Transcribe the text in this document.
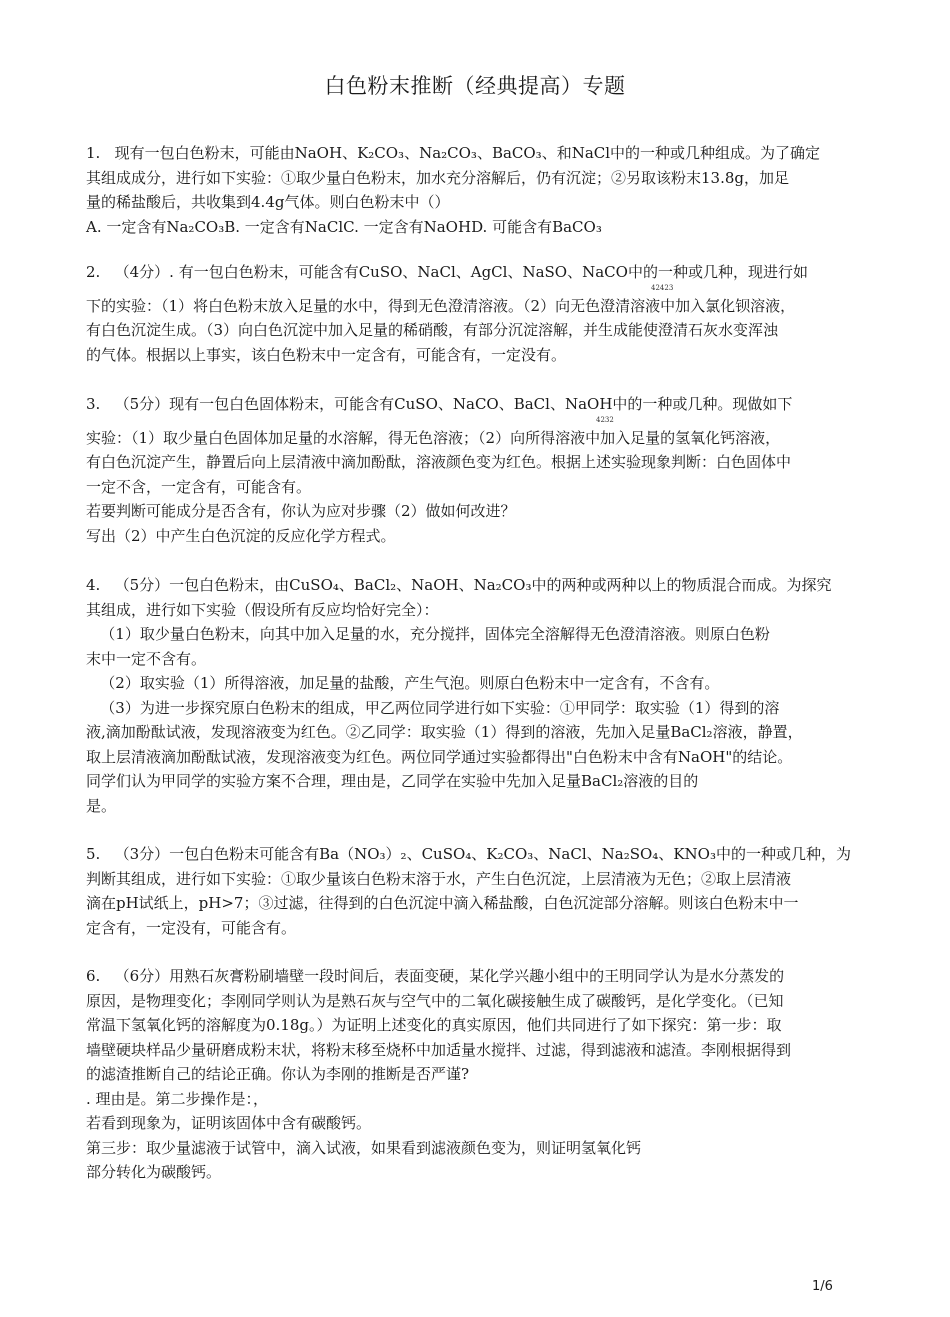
白色粉末推断（经典提高）专题
1.   现有一包白色粉末，可能由NaOH、K₂CO₃、Na₂CO₃、BaCO₃、和NaCl中的一种或几种组成。为了确定
其组成成分，进行如下实验：①取少量白色粉末，加水充分溶解后，仍有沉淀；②另取该粉末13.8g，加足
量的稀盐酸后，共收集到4.4g气体。则白色粉末中（）
A. 一定含有Na₂CO₃B. 一定含有NaClC. 一定含有NaOHD. 可能含有BaCO₃
2.   （4分）. 有一包白色粉末，可能含有CuSO、NaCl、AgCl、NaSO、NaCO中的一种或几种，现进行如
42423
下的实验：（1）将白色粉末放入足量的水中，得到无色澄清溶液。（2）向无色澄清溶液中加入氯化钡溶液，
有白色沉淀生成。（3）向白色沉淀中加入足量的稀硝酸，有部分沉淀溶解，并生成能使澄清石灰水变浑浊
的气体。根据以上事实，该白色粉末中一定含有，可能含有，一定没有。
3.   （5分）现有一包白色固体粉末，可能含有CuSO、NaCO、BaCl、NaOH中的一种或几种。现做如下
4232
实验：（1）取少量白色固体加足量的水溶解，得无色溶液；（2）向所得溶液中加入足量的氢氧化钙溶液，
有白色沉淀产生，静置后向上层清液中滴加酚酞，溶液颜色变为红色。根据上述实验现象判断：白色固体中
一定不含，一定含有，可能含有。
若要判断可能成分是否含有，你认为应对步骤（2）做如何改进？
写出（2）中产生白色沉淀的反应化学方程式。
4.   （5分）一包白色粉末，由CuSO₄、BaCl₂、NaOH、Na₂CO₃中的两种或两种以上的物质混合而成。为探究
其组成，进行如下实验（假设所有反应均恰好完全）：
（1）取少量白色粉末，向其中加入足量的水，充分搅拌，固体完全溶解得无色澄清溶液。则原白色粉
末中一定不含有。
（2）取实验（1）所得溶液，加足量的盐酸，产生气泡。则原白色粉末中一定含有，不含有。
（3）为进一步探究原白色粉末的组成，甲乙两位同学进行如下实验：①甲同学：取实验（1）得到的溶
液,滴加酚酞试液，发现溶液变为红色。②乙同学：取实验（1）得到的溶液，先加入足量BaCl₂溶液，静置，
取上层清液滴加酚酞试液，发现溶液变为红色。两位同学通过实验都得出"白色粉末中含有NaOH"的结论。
同学们认为甲同学的实验方案不合理，理由是，乙同学在实验中先加入足量BaCl₂溶液的目的
是。
5.   （3分）一包白色粉末可能含有Ba（NO₃）₂、CuSO₄、K₂CO₃、NaCl、Na₂SO₄、KNO₃中的一种或几种，为
判断其组成，进行如下实验：①取少量该白色粉末溶于水，产生白色沉淀，上层清液为无色；②取上层清液
滴在pH试纸上，pH>7；③过滤，往得到的白色沉淀中滴入稀盐酸，白色沉淀部分溶解。则该白色粉末中一
定含有，一定没有，可能含有。
6.   （6分）用熟石灰膏粉刷墙壁一段时间后，表面变硬，某化学兴趣小组中的王明同学认为是水分蒸发的
原因，是物理变化；李刚同学则认为是熟石灰与空气中的二氧化碳接触生成了碳酸钙，是化学变化。（已知
常温下氢氧化钙的溶解度为0.18g。）为证明上述变化的真实原因，他们共同进行了如下探究：第一步：取
墙壁硬块样品少量研磨成粉末状，将粉末移至烧杯中加适量水搅拌、过滤，得到滤液和滤渣。李刚根据得到
的滤渣推断自己的结论正确。你认为李刚的推断是否严谨?
. 理由是。第二步操作是：，
若看到现象为，证明该固体中含有碳酸钙。
第三步：取少量滤液于试管中，滴入试液，如果看到滤液颜色变为，则证明氢氧化钙
部分转化为碳酸钙。
1/6
